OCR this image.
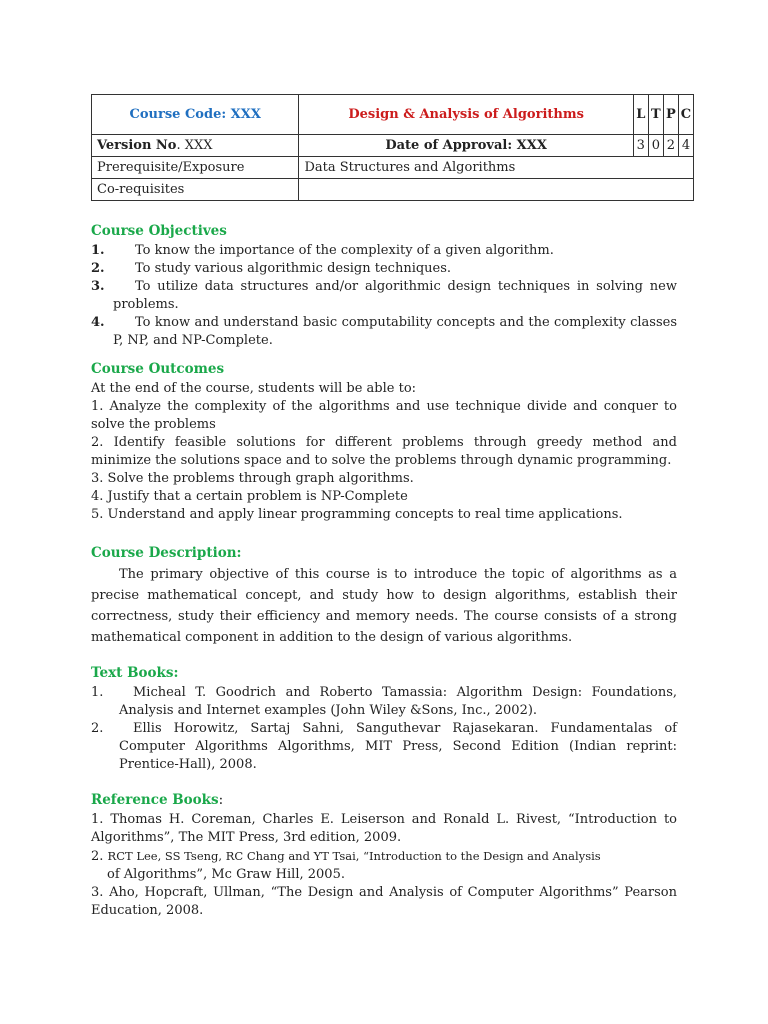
Course Code: XXX	Design & Analysis of Algorithms	L	T	P	C
Version No. XXX	Date of Approval: XXX	3	0	2	4
Prerequisite/Exposure	Data Structures and Algorithms				
Co-requisites					
Course Objectives
1.	To know the importance of the complexity of a given algorithm.
2.	To study various algorithmic design techniques.
3.	To utilize data structures and/or algorithmic design techniques in solving new problems.
4.	To know and understand basic computability concepts and the complexity classes P, NP, and NP-Complete.
Course Outcomes
At the end of the course, students will be able to:
1. Analyze the complexity of the algorithms and use technique divide and conquer to solve the problems
2. Identify feasible solutions for different problems through greedy method and minimize the solutions space and to solve the problems through dynamic programming.
3. Solve the problems through graph algorithms.
4. Justify that a certain problem is NP-Complete
5. Understand and apply linear programming concepts to real time applications.
Course Description:
The primary objective of this course is to introduce the topic of algorithms as a precise mathematical concept, and study how to design algorithms, establish their correctness, study their efficiency and memory needs. The course consists of a strong mathematical component in addition to the design of various algorithms.
Text Books:
1.	Micheal T. Goodrich and Roberto Tamassia: Algorithm Design: Foundations, Analysis and Internet examples (John Wiley &Sons, Inc., 2002).
2.	Ellis Horowitz, Sartaj Sahni, Sanguthevar Rajasekaran. Fundamentalas of Computer Algorithms Algorithms, MIT Press, Second Edition (Indian reprint: Prentice-Hall), 2008.
Reference Books:
1. Thomas H. Coreman, Charles E. Leiserson and Ronald L. Rivest, “Introduction to Algorithms”, The MIT Press, 3rd edition, 2009.
2. RCT Lee, SS Tseng, RC Chang and YT Tsai, “Introduction to the Design and Analysis
of Algorithms”, Mc Graw Hill, 2005.
3. Aho, Hopcraft, Ullman, “The Design and Analysis of Computer Algorithms” Pearson Education, 2008.
